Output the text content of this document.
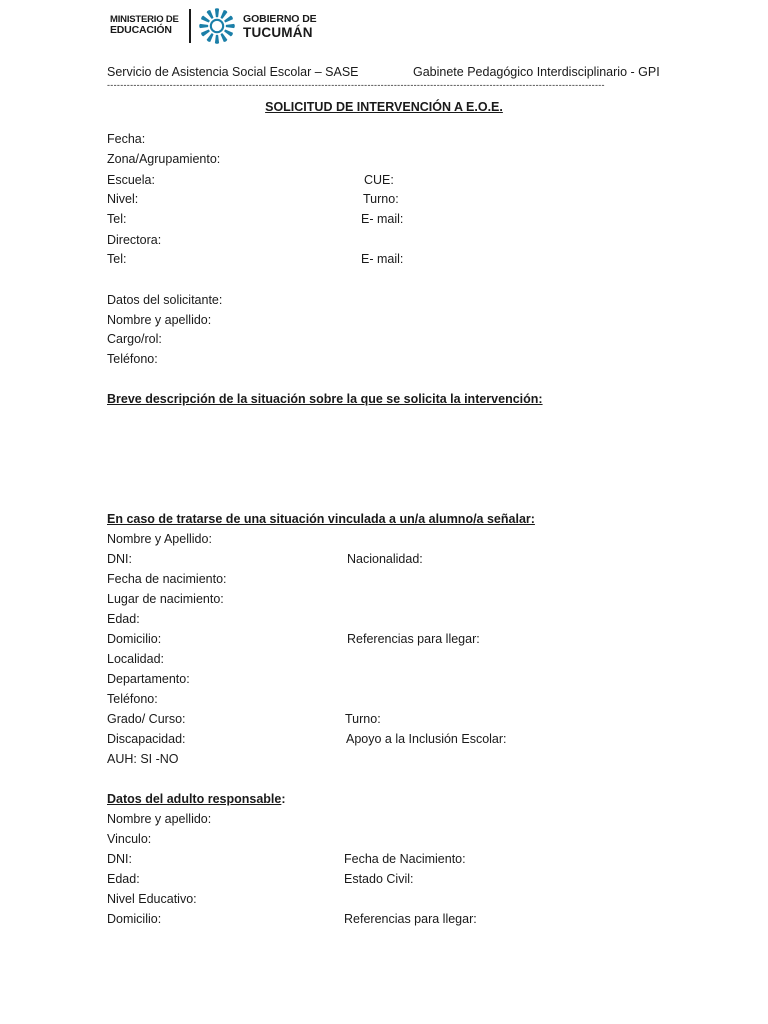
MINISTERIO DE
EDUCACIÓN
GOBIERNO DE
TUCUMÁN
Servicio de Asistencia Social Escolar – SASE	Gabinete Pedagógico Interdisciplinario - GPI
-------------------------------------------------------------------------------------------------------------------------------------------------------
SOLICITUD DE INTERVENCIÓN A E.O.E.
Fecha:
Zona/Agrupamiento:
Escuela:	CUE:
Nivel:	Turno:
Tel:	E- mail:
Directora:
Tel:	E- mail:
Datos del solicitante:
Nombre y apellido:
Cargo/rol:
Teléfono:
Breve descripción de la situación sobre la que se solicita la intervención:
En caso de tratarse de una situación vinculada a un/a alumno/a señalar:
Nombre y Apellido:
DNI:	Nacionalidad:
Fecha de nacimiento:
Lugar de nacimiento:
Edad:
Domicilio:	Referencias para llegar:
Localidad:
Departamento:
Teléfono:
Grado/ Curso:	Turno:
Discapacidad:	Apoyo a la Inclusión Escolar:
AUH: SI -NO
Datos del adulto responsable:
Nombre y apellido:
Vinculo:
DNI:	Fecha de Nacimiento:
Edad:	Estado Civil:
Nivel Educativo:
Domicilio:	Referencias para llegar:
